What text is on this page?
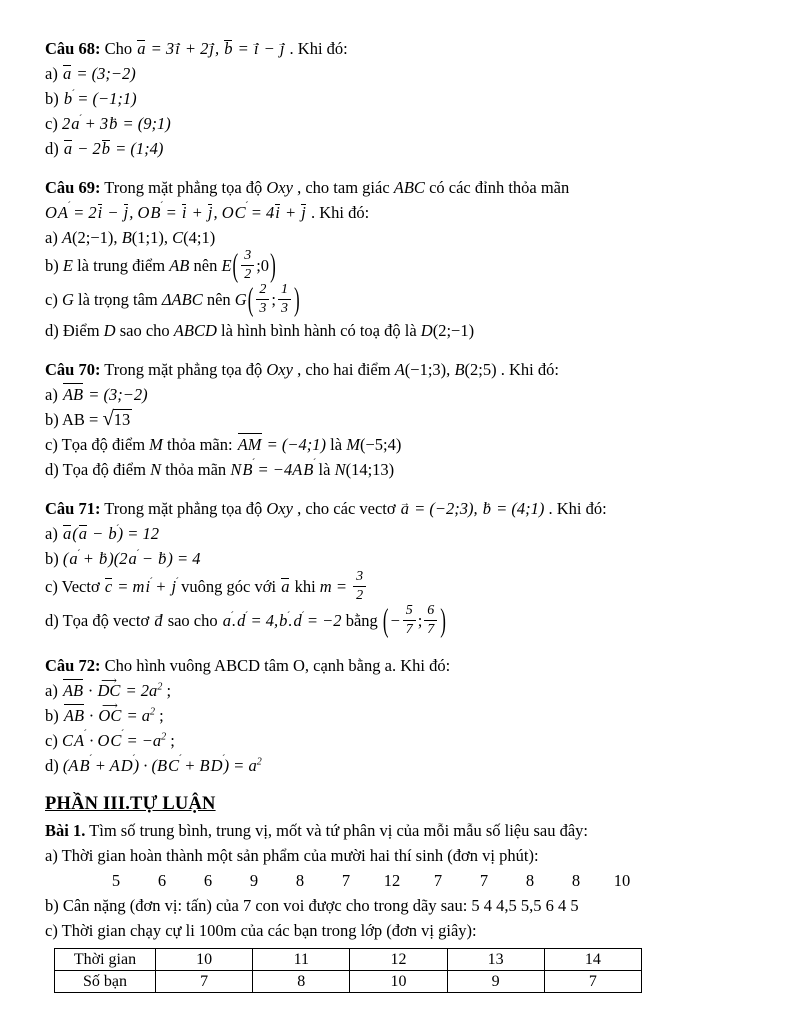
Câu 68: Cho a = 3→ i + 2→ j, b = → i − → j . Khi đó:
a) a = (3;−2)
b) ˊ b = (−1;1)
c) 2ˊ a + 3→ b = (9;1)
d) a − 2b = (1;4)
Câu 69: Trong mặt phẳng tọa độ Oxy , cho tam giác ABC có các đỉnh thỏa mãn
Oˊ A = 2i − j, Oˊ B = i + j, Oˊ C = 4i + j . Khi đó:
a) A(2;−1), B(1;1), C(4;1)
b) E là trung điểm AB nên $E( \frac{3}{2}$ ;0)
c) G là trọng tâm ΔABC nên $G( \frac{2}{3}$ ; $\frac{1}{3}$ )
d) Điểm D sao cho ABCD là hình bình hành có toạ độ là D(2;−1)
Câu 70: Trong mặt phẳng tọa độ Oxy , cho hai điểm A(−1;3), B(2;5) . Khi đó:
a) AB = (3;−2)
b) AB = √13
c) Tọa độ điểm M thỏa mãn: AM = (−4;1) là M(−5;4)
d) Tọa độ điểm N thỏa mãn Nˊ B = −4Aˊ B là N(14;13)
Câu 71: Trong mặt phẳng tọa độ Oxy , cho các vectơ → a = (−2;3), → b = (4;1) . Khi đó:
a) a(a − ˊ b) = 12
b) (ˊ a + → b)(2ˊ a − → b) = 4
c) Vectơ c = mˊ i + ˊ j vuông góc với a khi $m = \frac{3}{2}$
d) Tọa độ vectơ → d sao cho ˊ a.ˊ d = 4,ˊ b.ˊ d = −2 bằng (− $\frac{5}{7}$ ; $\frac{6}{7}$ )
Câu 72: Cho hình vuông ABCD tâm O, cạnh bằng a. Khi đó:
a) AB · ⟶ DC = $2a^2$ ;
b) AB · ⟶ OC = $a^2$ ;
c) Cˊ A · Oˊ $C = -a^2$ ;
d) (Aˊ B + Aˊ D) · (Bˊ C + Bˊ $D) = a^2$
PHẦN III.TỰ LUẬN
Bài 1. Tìm số trung bình, trung vị, mốt và tứ phân vị của mỗi mẫu số liệu sau đây:
a) Thời gian hoàn thành một sản phẩm của mười hai thí sinh (đơn vị phút):
5	6	6	9	8	7	12	7	7	8	8	10
b) Cân nặng (đơn vị: tấn) của 7 con voi được cho trong dãy sau: 5 4 4,5 5,5 6 4 5
c) Thời gian chạy cự li 100m của các bạn trong lớp (đơn vị giây):
Thời gian	10	11	12	13	14
Số bạn	7	8	10	9	7
